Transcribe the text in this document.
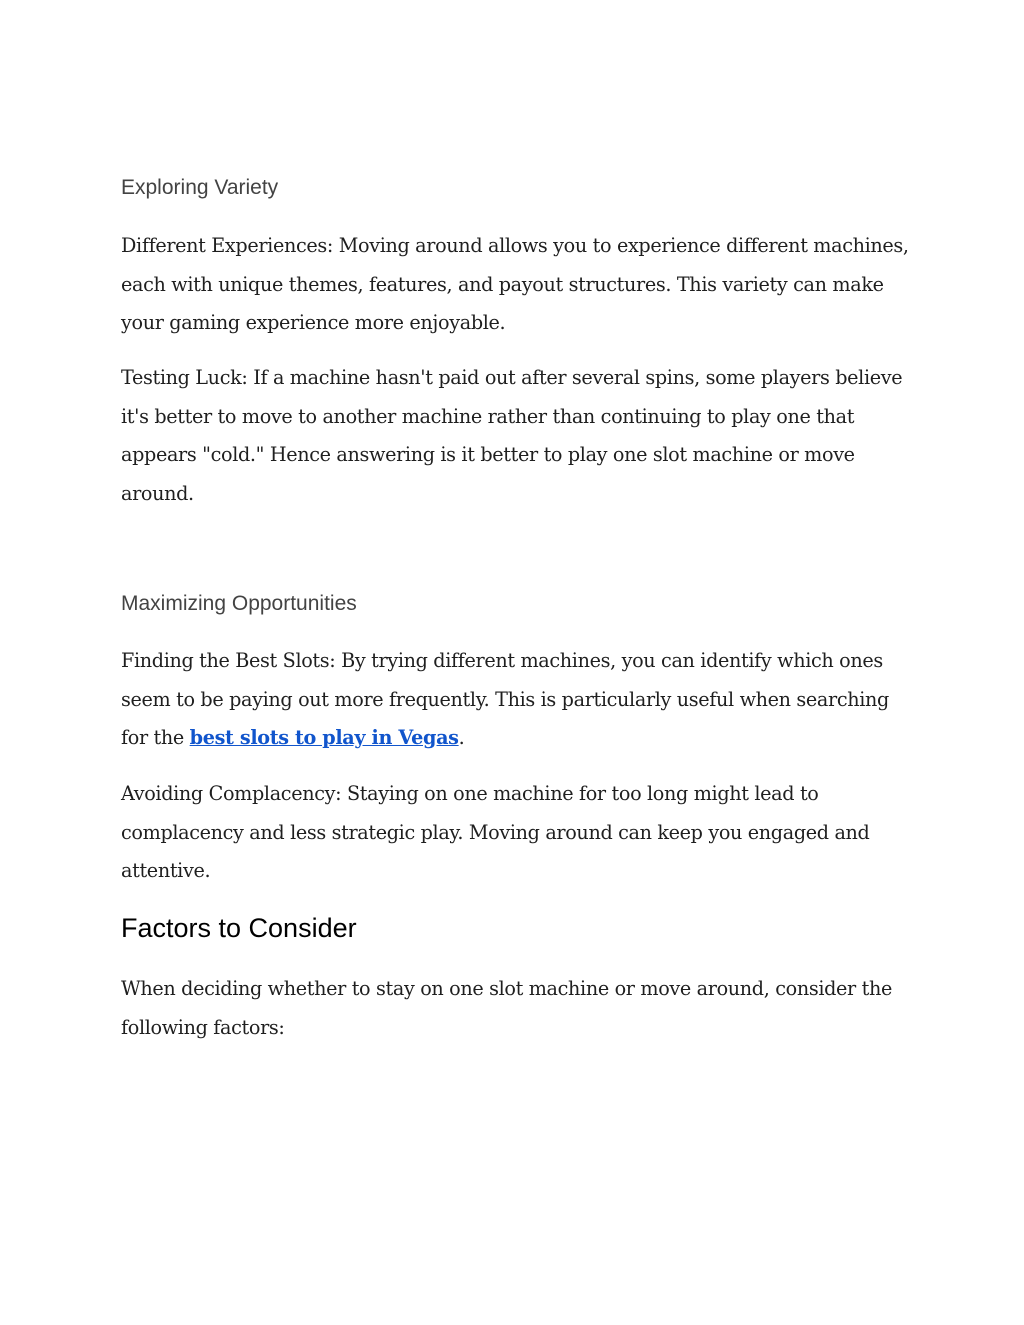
Exploring Variety

Different Experiences: Moving around allows you to experience different machines, each with unique themes, features, and payout structures. This variety can make your gaming experience more enjoyable.

Testing Luck: If a machine hasn't paid out after several spins, some players believe it's better to move to another machine rather than continuing to play one that appears "cold." Hence answering is it better to play one slot machine or move around.

Maximizing Opportunities

Finding the Best Slots: By trying different machines, you can identify which ones seem to be paying out more frequently. This is particularly useful when searching for the best slots to play in Vegas.

Avoiding Complacency: Staying on one machine for too long might lead to complacency and less strategic play. Moving around can keep you engaged and attentive.

Factors to Consider

When deciding whether to stay on one slot machine or move around, consider the following factors:
